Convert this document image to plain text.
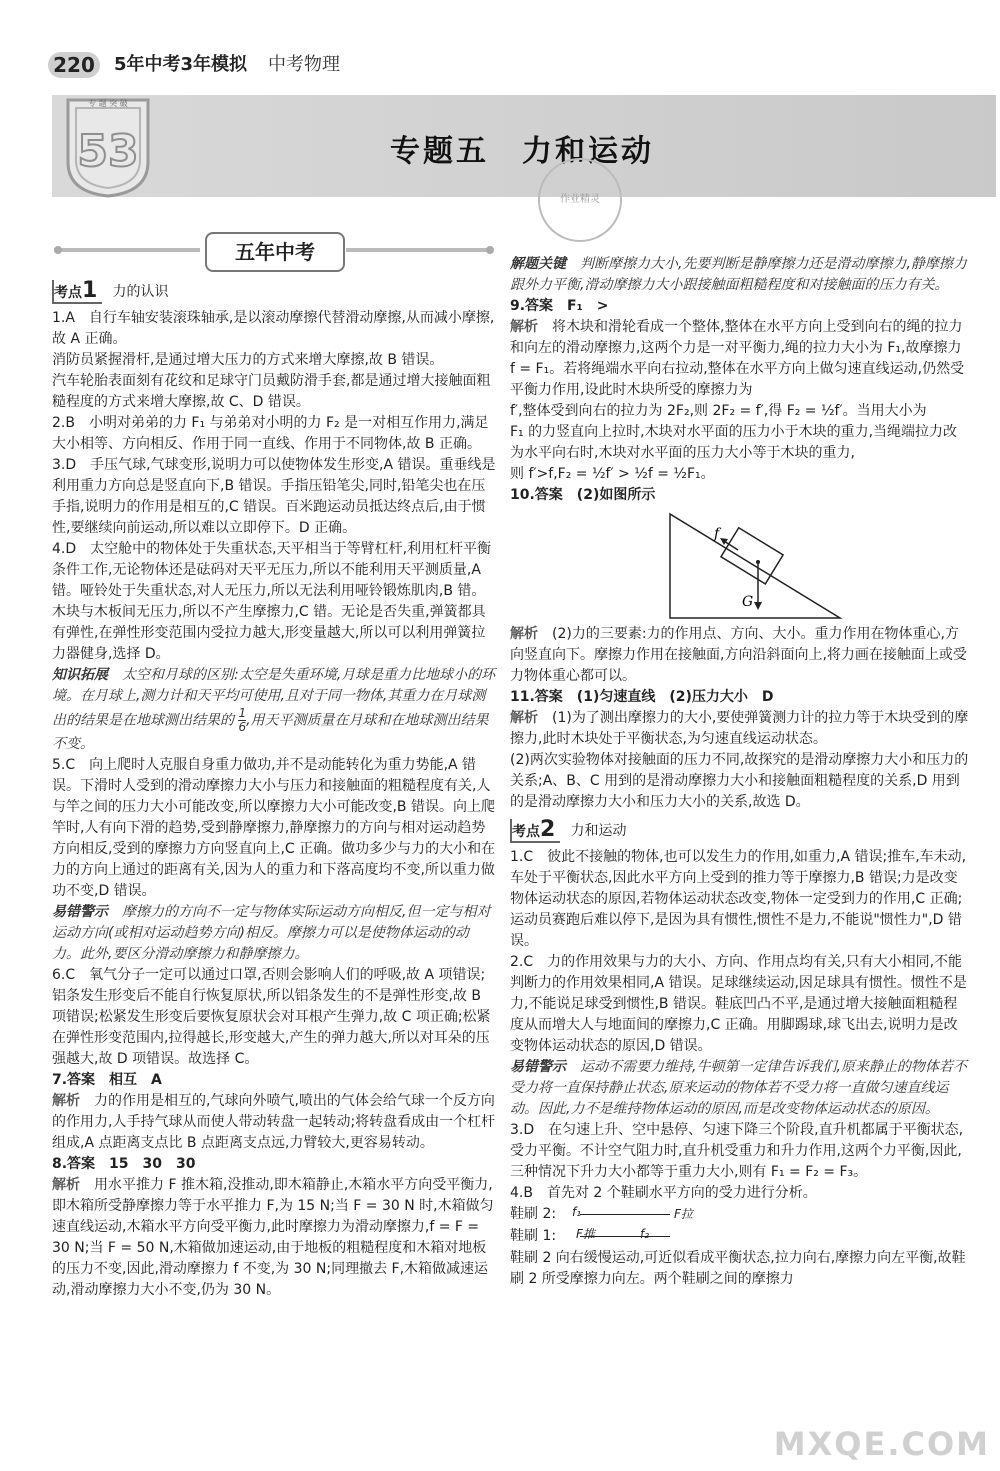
220 5年中考3年模拟 中考物理
专 题 突 破
53	专题五　力和运动
作业精灵
五年中考
考点1 力的认识

1.A　自行车轴安装滚珠轴承,是以滚动摩擦代替滑动摩擦,从而减小摩擦,故 A 正确。

消防员紧握滑杆,是通过增大压力的方式来增大摩擦,故 B 错误。

汽车轮胎表面刻有花纹和足球守门员戴防滑手套,都是通过增大接触面粗糙程度的方式来增大摩擦,故 C、D 错误。

2.B　小明对弟弟的力 F₁ 与弟弟对小明的力 F₂ 是一对相互作用力,满足大小相等、方向相反、作用于同一直线、作用于不同物体,故 B 正确。

3.D　手压气球,气球变形,说明力可以使物体发生形变,A 错误。重垂线是利用重力方向总是竖直向下,B 错误。手指压铅笔尖,同时,铅笔尖也在压手指,说明力的作用是相互的,C 错误。百米跑运动员抵达终点后,由于惯性,要继续向前运动,所以难以立即停下。D 正确。

4.D　太空舱中的物体处于失重状态,天平相当于等臂杠杆,利用杠杆平衡条件工作,无论物体还是砝码对天平无压力,所以不能利用天平测质量,A 错。哑铃处于失重状态,对人无压力,所以无法利用哑铃锻炼肌肉,B 错。木块与木板间无压力,所以不产生摩擦力,C 错。无论是否失重,弹簧都具有弹性,在弹性形变范围内受拉力越大,形变量越大,所以可以利用弹簧拉力器健身,选择 D。

知识拓展　 太空和月球的区别:太空是失重环境,月球是重力比地球小的环境。在月球上,测力计和天平均可使用,且对于同一物体,其重力在月球测出的结果是在地球测出结果的 $\frac{1}{6}$ ,用天平测质量在月球和在地球测出结果不变。

5.C　向上爬时人克服自身重力做功,并不是动能转化为重力势能,A 错误。下滑时人受到的滑动摩擦力大小与压力和接触面的粗糙程度有关,人与竿之间的压力大小可能改变,所以摩擦力大小可能改变,B 错误。向上爬竿时,人有向下滑的趋势,受到静摩擦力,静摩擦力的方向与相对运动趋势方向相反,受到的摩擦力方向竖直向上,C 正确。做功多少与力的大小和在力的方向上通过的距离有关,因为人的重力和下落高度均不变,所以重力做功不变,D 错误。

易错警示　 摩擦力的方向不一定与物体实际运动方向相反,但一定与相对运动方向(或相对运动趋势方向)相反。摩擦力可以是使物体运动的动力。此外,要区分滑动摩擦力和静摩擦力。

6.C　氧气分子一定可以通过口罩,否则会影响人们的呼吸,故 A 项错误;铝条发生形变后不能自行恢复原状,所以铝条发生的不是弹性形变,故 B 项错误;松紧发生形变后要恢复原状会对耳根产生弹力,故 C 项正确;松紧在弹性形变范围内,拉得越长,形变越大,产生的弹力越大,所以对耳朵的压强越大,故 D 项错误。故选择 C。

7.答案　相互　A

解析　 力的作用是相互的,气球向外喷气,喷出的气体会给气球一个反方向的作用力,人手持气球从而使人带动转盘一起转动;将转盘看成由一个杠杆组成,A 点距离支点比 B 点距离支点远,力臂较大,更容易转动。

8.答案　15　30　30

解析　 用水平推力 F 推木箱,没推动,即木箱静止,木箱水平方向受平衡力,即木箱所受静摩擦力等于水平推力 F,为 15 N;当 F = 30 N 时,木箱做匀速直线运动,木箱水平方向受平衡力,此时摩擦力为滑动摩擦力,f = F = 30 N;当 F = 50 N,木箱做加速运动,由于地板的粗糙程度和木箱对地板的压力不变,因此,滑动摩擦力 f 不变,为 30 N;同理撤去 F,木箱做减速运动,滑动摩擦力大小不变,仍为 30 N。

解题关键　 判断摩擦力大小,先要判断是静摩擦力还是滑动摩擦力,静摩擦力跟外力平衡,滑动摩擦力大小跟接触面粗糙程度和对接触面的压力有关。

9.答案　F₁　>

解析　 将木块和滑轮看成一个整体,整体在水平方向上受到向右的绳的拉力和向左的滑动摩擦力,这两个力是一对平衡力,绳的拉力大小为 F₁,故摩擦力 f = F₁。若将绳端水平向右拉动,整体在水平方向上做匀速直线运动,仍然受平衡力作用,设此时木块所受的摩擦力为

f′,整体受到向右的拉力为 2F₂,则 2F₂ = f′,得 F₂ = ½f′。当用大小为

F₁ 的力竖直向上拉时,木块对水平面的压力小于木块的重力,当绳端拉力改为水平向右时,木块对水平面的压力大小等于木块的重力,

则 f′>f,F₂ = ½f′ > ½f = ½F₁。

10.答案　(2)如图所示

f
G

解析　 (2)力的三要素:力的作用点、方向、大小。重力作用在物体重心,方向竖直向下。摩擦力作用在接触面,方向沿斜面向上,将力画在接触面上或受力物体重心都可以。

11.答案　(1)匀速直线　(2)压力大小　D

解析　 (1)为了测出摩擦力的大小,要使弹簧测力计的拉力等于木块受到的摩擦力,此时木块处于平衡状态,为匀速直线运动状态。

(2)两次实验物体对接触面的压力不同,故探究的是滑动摩擦力大小和压力的关系;A、B、C 用到的是滑动摩擦力大小和接触面粗糙程度的关系,D 用到的是滑动摩擦力大小和压力大小的关系,故选 D。

考点2 力和运动

1.C　彼此不接触的物体,也可以发生力的作用,如重力,A 错误;推车,车未动,车处于平衡状态,因此水平方向上受到的推力等于摩擦力,B 错误;力是改变物体运动状态的原因,若物体运动状态改变,物体一定受到力的作用,C 正确;运动员赛跑后难以停下,是因为具有惯性,惯性不是力,不能说"惯性力",D 错误。

2.C　力的作用效果与力的大小、方向、作用点均有关,只有大小相同,不能判断力的作用效果相同,A 错误。足球继续运动,因足球具有惯性。惯性不是力,不能说足球受到惯性,B 错误。鞋底凹凸不平,是通过增大接触面粗糙程度从而增大人与地面间的摩擦力,C 正确。用脚踢球,球飞出去,说明力是改变物体运动状态的原因,D 错误。

易错警示　 运动不需要力维持,牛顿第一定律告诉我们,原来静止的物体若不受力将一直保持静止状态,原来运动的物体若不受力将一直做匀速直线运动。因此,力不是维持物体运动的原因,而是改变物体运动状态的原因。

3.D　在匀速上升、空中悬停、匀速下降三个阶段,直升机都属于平衡状态,受力平衡。不计空气阻力时,直升机受重力和升力作用,这两个力平衡,因此,三种情况下升力大小都等于重力大小,则有 F₁ = F₂ = F₃。

4.B　首先对 2 个鞋刷水平方向的受力进行分析。

鞋刷 2: f₁	F拉
鞋刷 1: F推	f₂

鞋刷 2 向右缓慢运动,可近似看成平衡状态,拉力向右,摩擦力向左平衡,故鞋刷 2 所受摩擦力向左。两个鞋刷之间的摩擦力

MXQE.COM
